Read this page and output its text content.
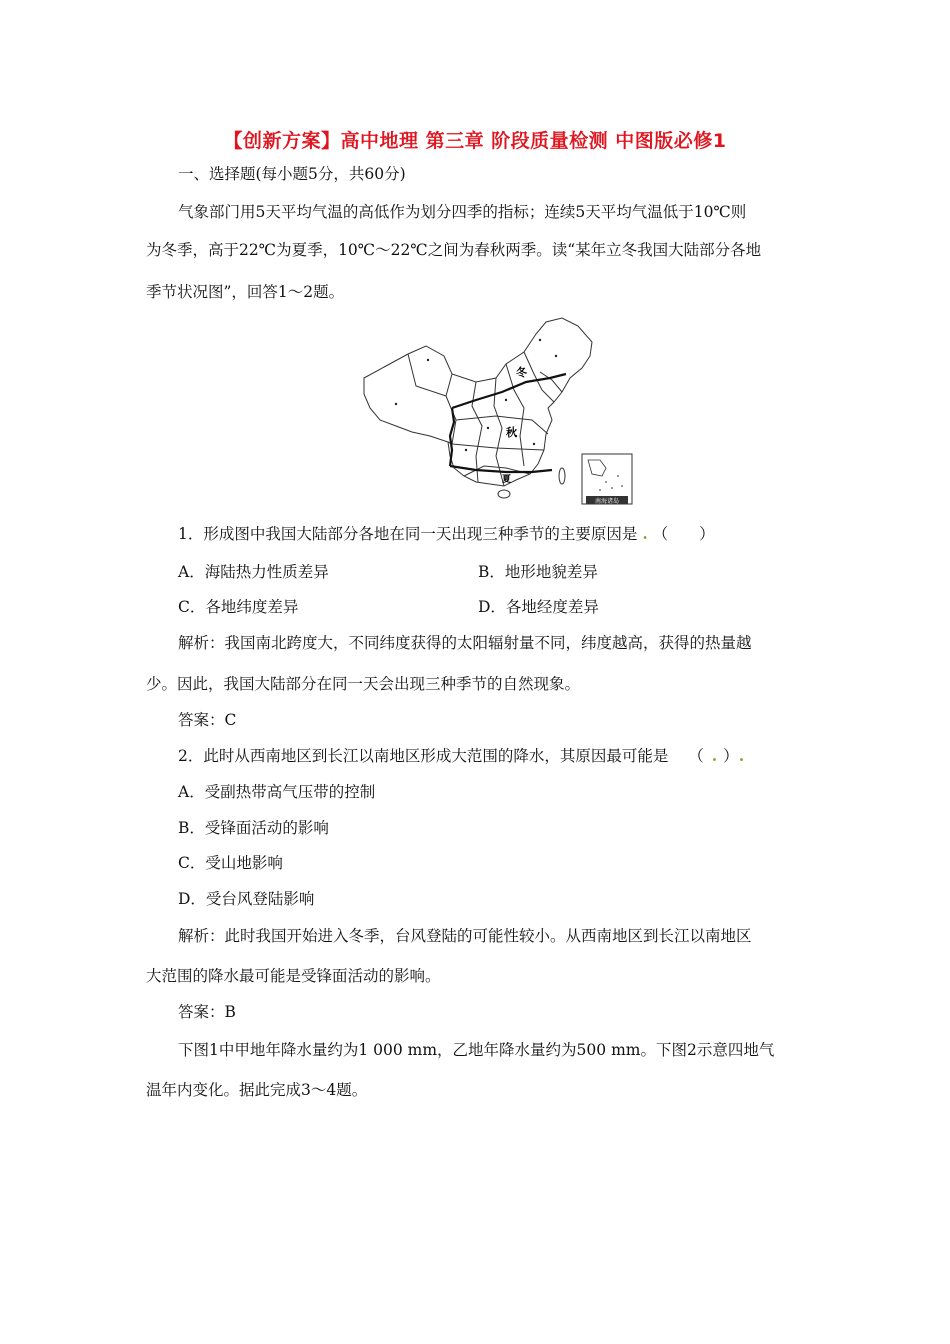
【创新方案】高中地理 第三章 阶段质量检测 中图版必修1
一、选择题(每小题5分，共60分)
气象部门用5天平均气温的高低作为划分四季的指标；连续5天平均气温低于10℃则
为冬季，高于22℃为夏季，10℃～22℃之间为春秋两季。读“某年立冬我国大陆部分各地
季节状况图”，回答1～2题。
冬
秋
夏
南海诸岛
1．形成图中我国大陆部分各地在同一天出现三种季节的主要原因是 . （　　）
A．海陆热力性质差异	B．地形地貌差异
C．各地纬度差异	D．各地经度差异
解析：我国南北跨度大，不同纬度获得的太阳辐射量不同，纬度越高，获得的热量越
少。因此，我国大陆部分在同一天会出现三种季节的自然现象。
答案：C
2．此时从西南地区到长江以南地区形成大范围的降水，其原因最可能是 （ . ）.
A．受副热带高气压带的控制
B．受锋面活动的影响
C．受山地影响
D．受台风登陆影响
解析：此时我国开始进入冬季，台风登陆的可能性较小。从西南地区到长江以南地区
大范围的降水最可能是受锋面活动的影响。
答案：B
下图1中甲地年降水量约为1 000 mm，乙地年降水量约为500 mm。下图2示意四地气
温年内变化。据此完成3～4题。
